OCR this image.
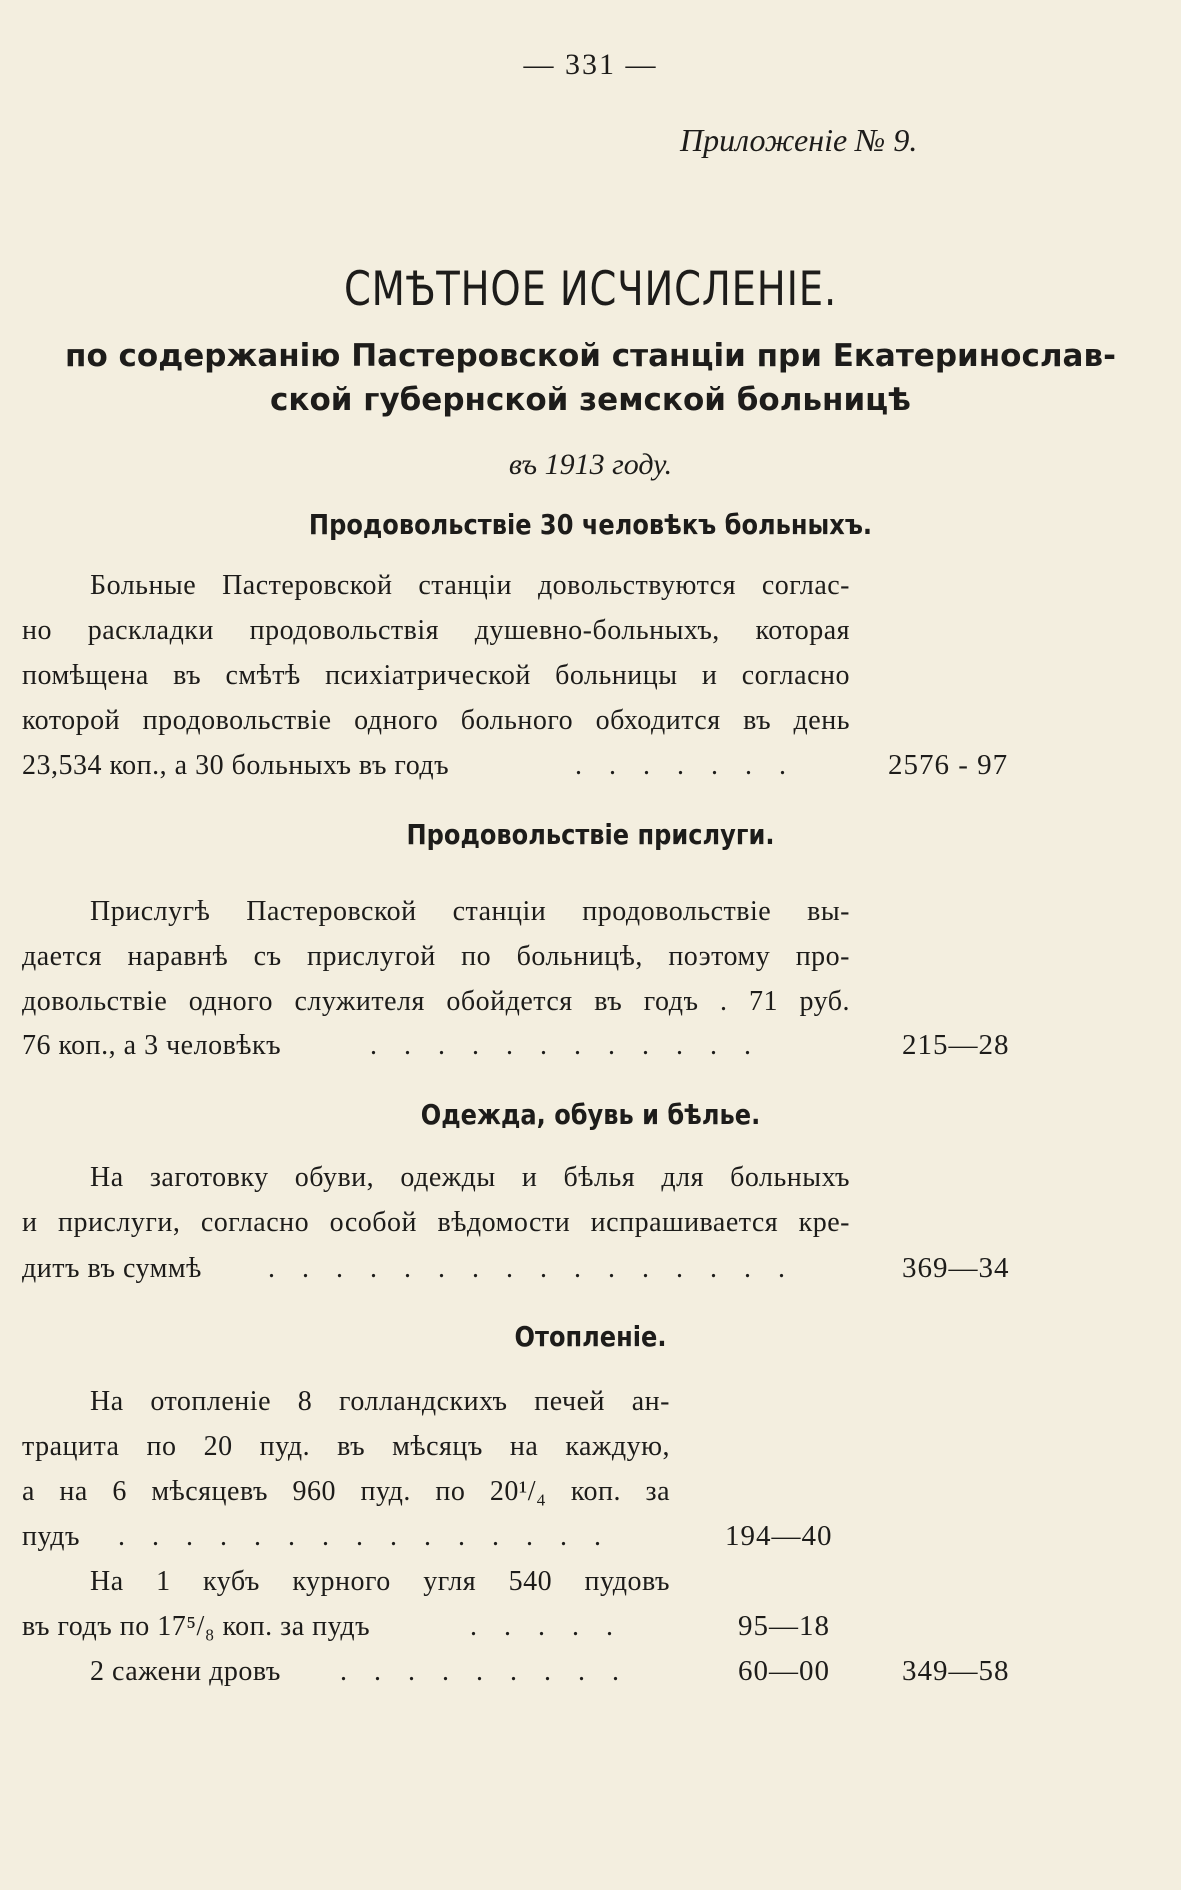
— 331 —
Приложенiе № 9.
СМѢТНОЕ ИСЧИСЛЕНІЕ.
по содержанію Пастеровской станціи при Екатеринослав-
ской губернской земской больницѣ
въ 1913 году.
Продовольствіе 30 человѣкъ больныхъ.
Больные Пастеровской станціи довольствуются соглас-
но раскладки продовольствія душевно-больныхъ, которая
помѣщена въ смѣтѣ психіатрической больницы и согласно
которой продовольствіе одного больного обходится въ день
23,534 коп., а 30 больныхъ въ годъ	. . . . . . .	2576 - 97
Продовольствіе прислуги.
Прислугѣ Пастеровской станціи продовольствіе вы-
дается наравнѣ съ прислугой по больницѣ, поэтому про-
довольствіе одного служителя обойдется въ годъ . 71 руб.
76 коп., а 3 человѣкъ	. . . . . . . . . . . .	215—28
Одежда, обувь и бѣлье.
На заготовку обуви, одежды и бѣлья для больныхъ
и прислуги, согласно особой вѣдомости испрашивается кре-
дитъ въ суммѣ . . . . . . . . . . . . . . . .	369—34
Отопленіе.
На отопленіе 8 голландскихъ печей ан-
трацита по 20 пуд. въ мѣсяцъ на каждую,
а на 6 мѣсяцевъ 960 пуд. по 20¹/₄ коп. за
пудъ . . . . . . . . . . . . . . .	194—40
На 1 кубъ курного угля 540 пудовъ
въ годъ по 17⁵/₈ коп. за пудъ	. . . . .	95—18
2 сажени дровъ . . . . . . . . .	60—00 349—58
